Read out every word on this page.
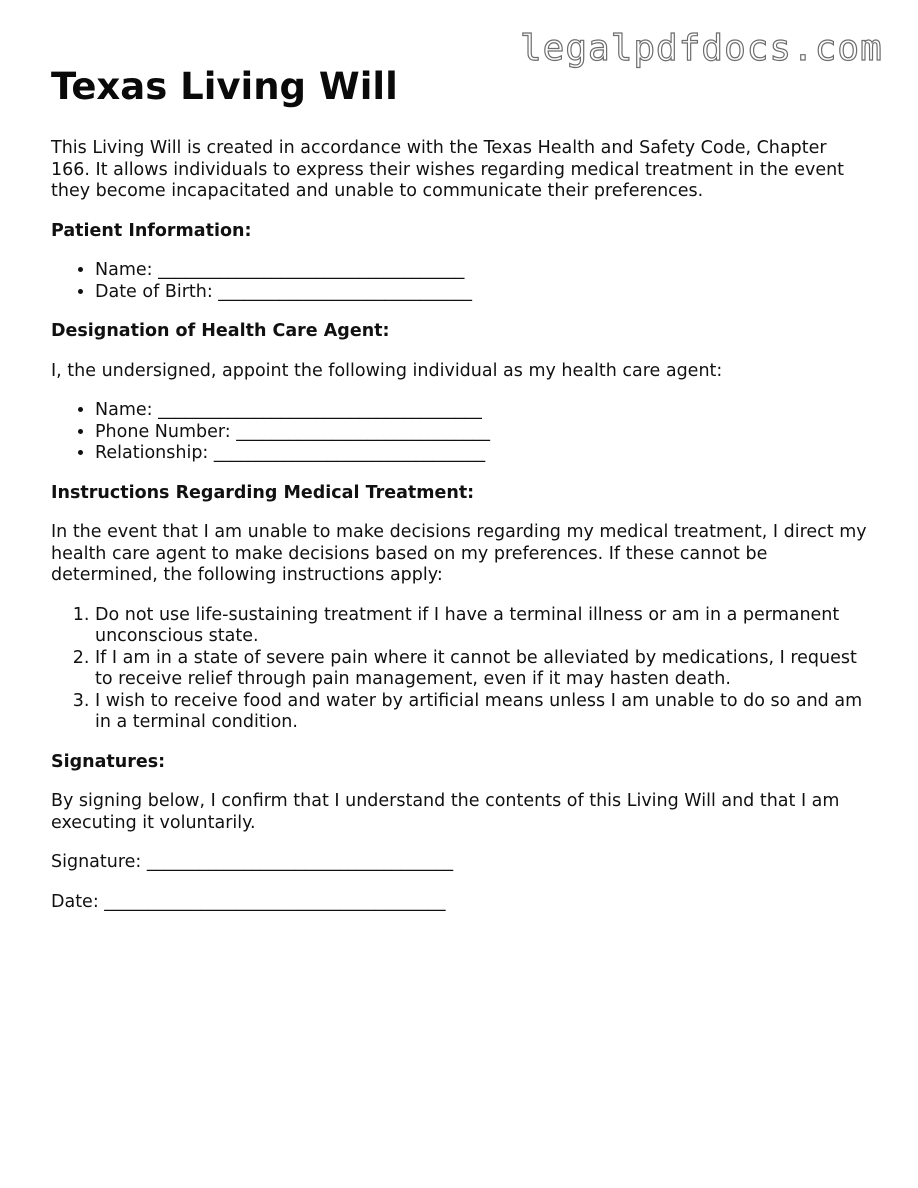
legalpdfdocs.com
Texas Living Will

This Living Will is created in accordance with the Texas Health and Safety Code, Chapter 166. It allows individuals to express their wishes regarding medical treatment in the event they become incapacitated and unable to communicate their preferences.

Patient Information:
• Name: ___________________________________
• Date of Birth: _____________________________
Designation of Health Care Agent:

I, the undersigned, appoint the following individual as my health care agent:

• Name: _____________________________________
• Phone Number: _____________________________
• Relationship: _______________________________
Instructions Regarding Medical Treatment:

In the event that I am unable to make decisions regarding my medical treatment, I direct my health care agent to make decisions based on my preferences. If these cannot be determined, the following instructions apply:

1. Do not use life-sustaining treatment if I have a terminal illness or am in a permanent unconscious state.
2. If I am in a state of severe pain where it cannot be alleviated by medications, I request to receive relief through pain management, even if it may hasten death.
3. I wish to receive food and water by artificial means unless I am unable to do so and am in a terminal condition.
Signatures:

By signing below, I confirm that I understand the contents of this Living Will and that I am executing it voluntarily.

Signature: ___________________________________
Date: _______________________________________
